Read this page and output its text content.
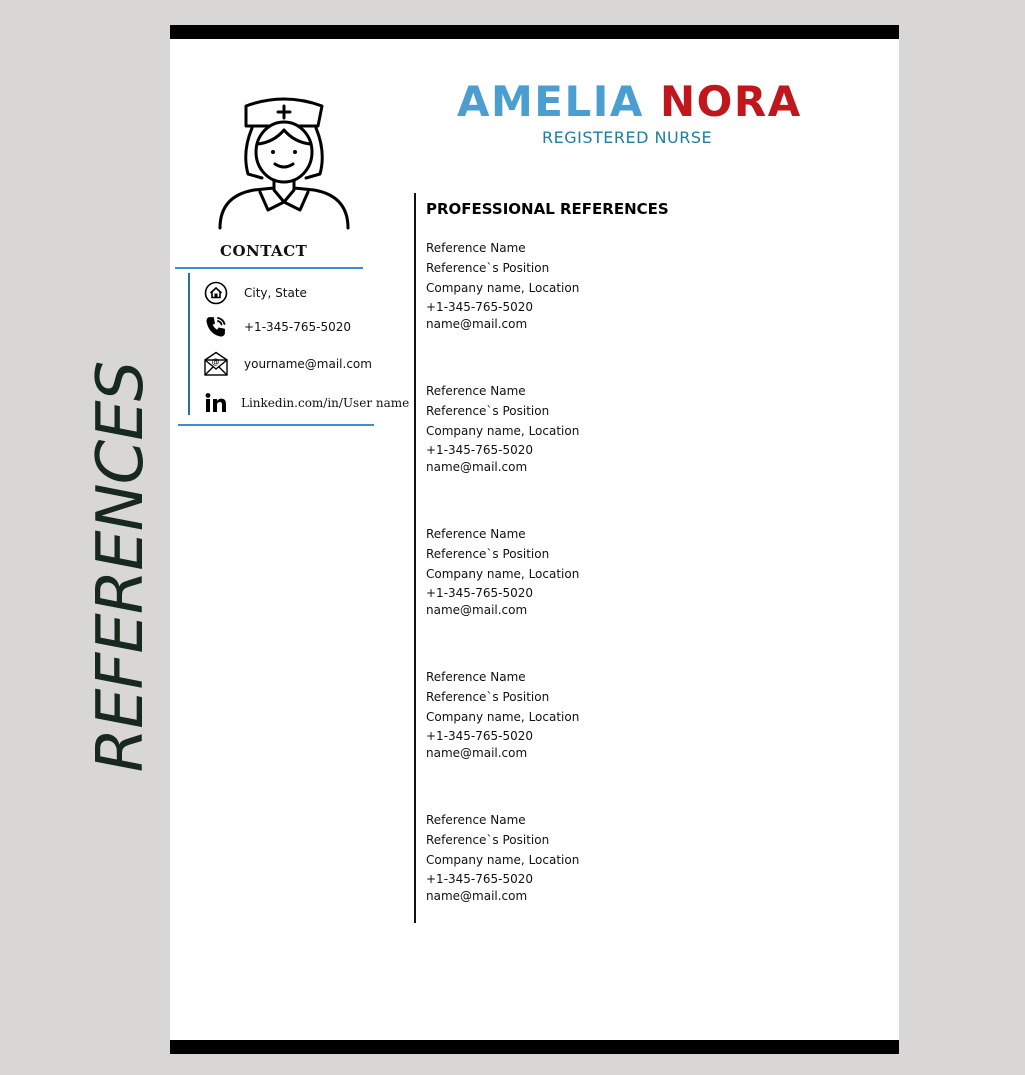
REFERENCES
CONTACT
City, State
+1-345-765-5020
@ yourname@mail.com
Linkedin.com/in/User name
AMELIA NORA
REGISTERED NURSE
PROFESSIONAL REFERENCES
Reference Name
Reference`s Position
Company name, Location
+1-345-765-5020
name@mail.com
Reference Name
Reference`s Position
Company name, Location
+1-345-765-5020
name@mail.com
Reference Name
Reference`s Position
Company name, Location
+1-345-765-5020
name@mail.com
Reference Name
Reference`s Position
Company name, Location
+1-345-765-5020
name@mail.com
Reference Name
Reference`s Position
Company name, Location
+1-345-765-5020
name@mail.com
